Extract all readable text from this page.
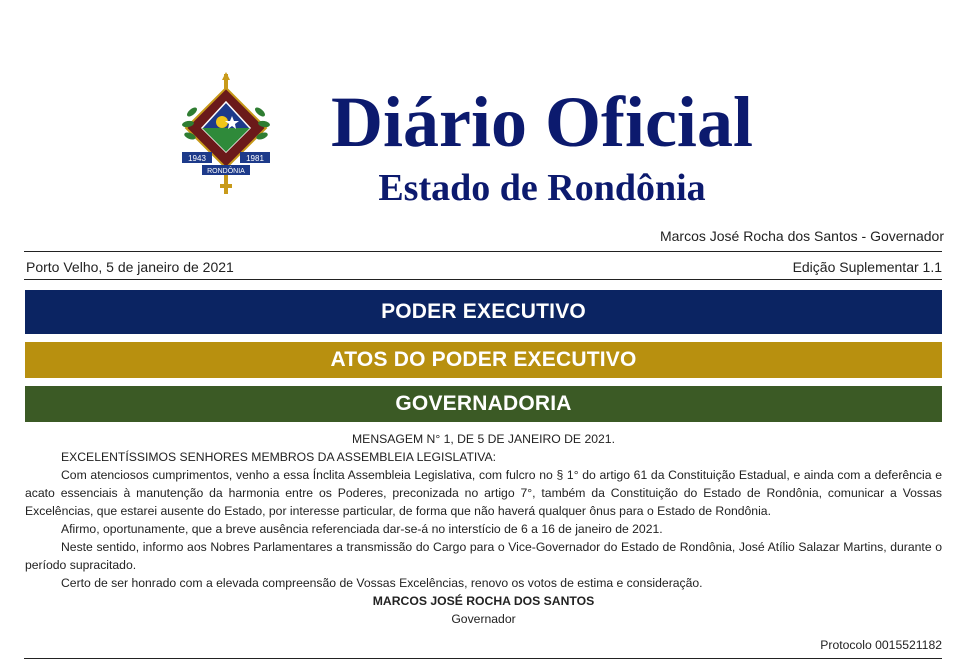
1943	1981
RONDÔNIA
Diário Oficial
Estado de Rondônia
Marcos José Rocha dos Santos - Governador
Porto Velho, 5 de janeiro de 2021	Edição Suplementar 1.1
PODER EXECUTIVO
ATOS DO PODER EXECUTIVO
GOVERNADORIA

MENSAGEM N° 1, DE 5 DE JANEIRO DE 2021.

EXCELENTÍSSIMOS SENHORES MEMBROS DA ASSEMBLEIA LEGISLATIVA:

Com atenciosos cumprimentos, venho a essa Ínclita Assembleia Legislativa, com fulcro no § 1° do artigo 61 da Constituição Estadual, e ainda com a deferência e acato essenciais à manutenção da harmonia entre os Poderes, preconizada no artigo 7°, também da Constituição do Estado de Rondônia, comunicar a Vossas Excelências, que estarei ausente do Estado, por interesse particular, de forma que não haverá qualquer ônus para o Estado de Rondônia.

Afirmo, oportunamente, que a breve ausência referenciada dar-se-á no interstício de 6 a 16 de janeiro de 2021.

Neste sentido, informo aos Nobres Parlamentares a transmissão do Cargo para o Vice-Governador do Estado de Rondônia, José Atílio Salazar Martins, durante o período supracitado.

Certo de ser honrado com a elevada compreensão de Vossas Excelências, renovo os votos de estima e consideração.

MARCOS JOSÉ ROCHA DOS SANTOS

Governador

Protocolo 0015521182
